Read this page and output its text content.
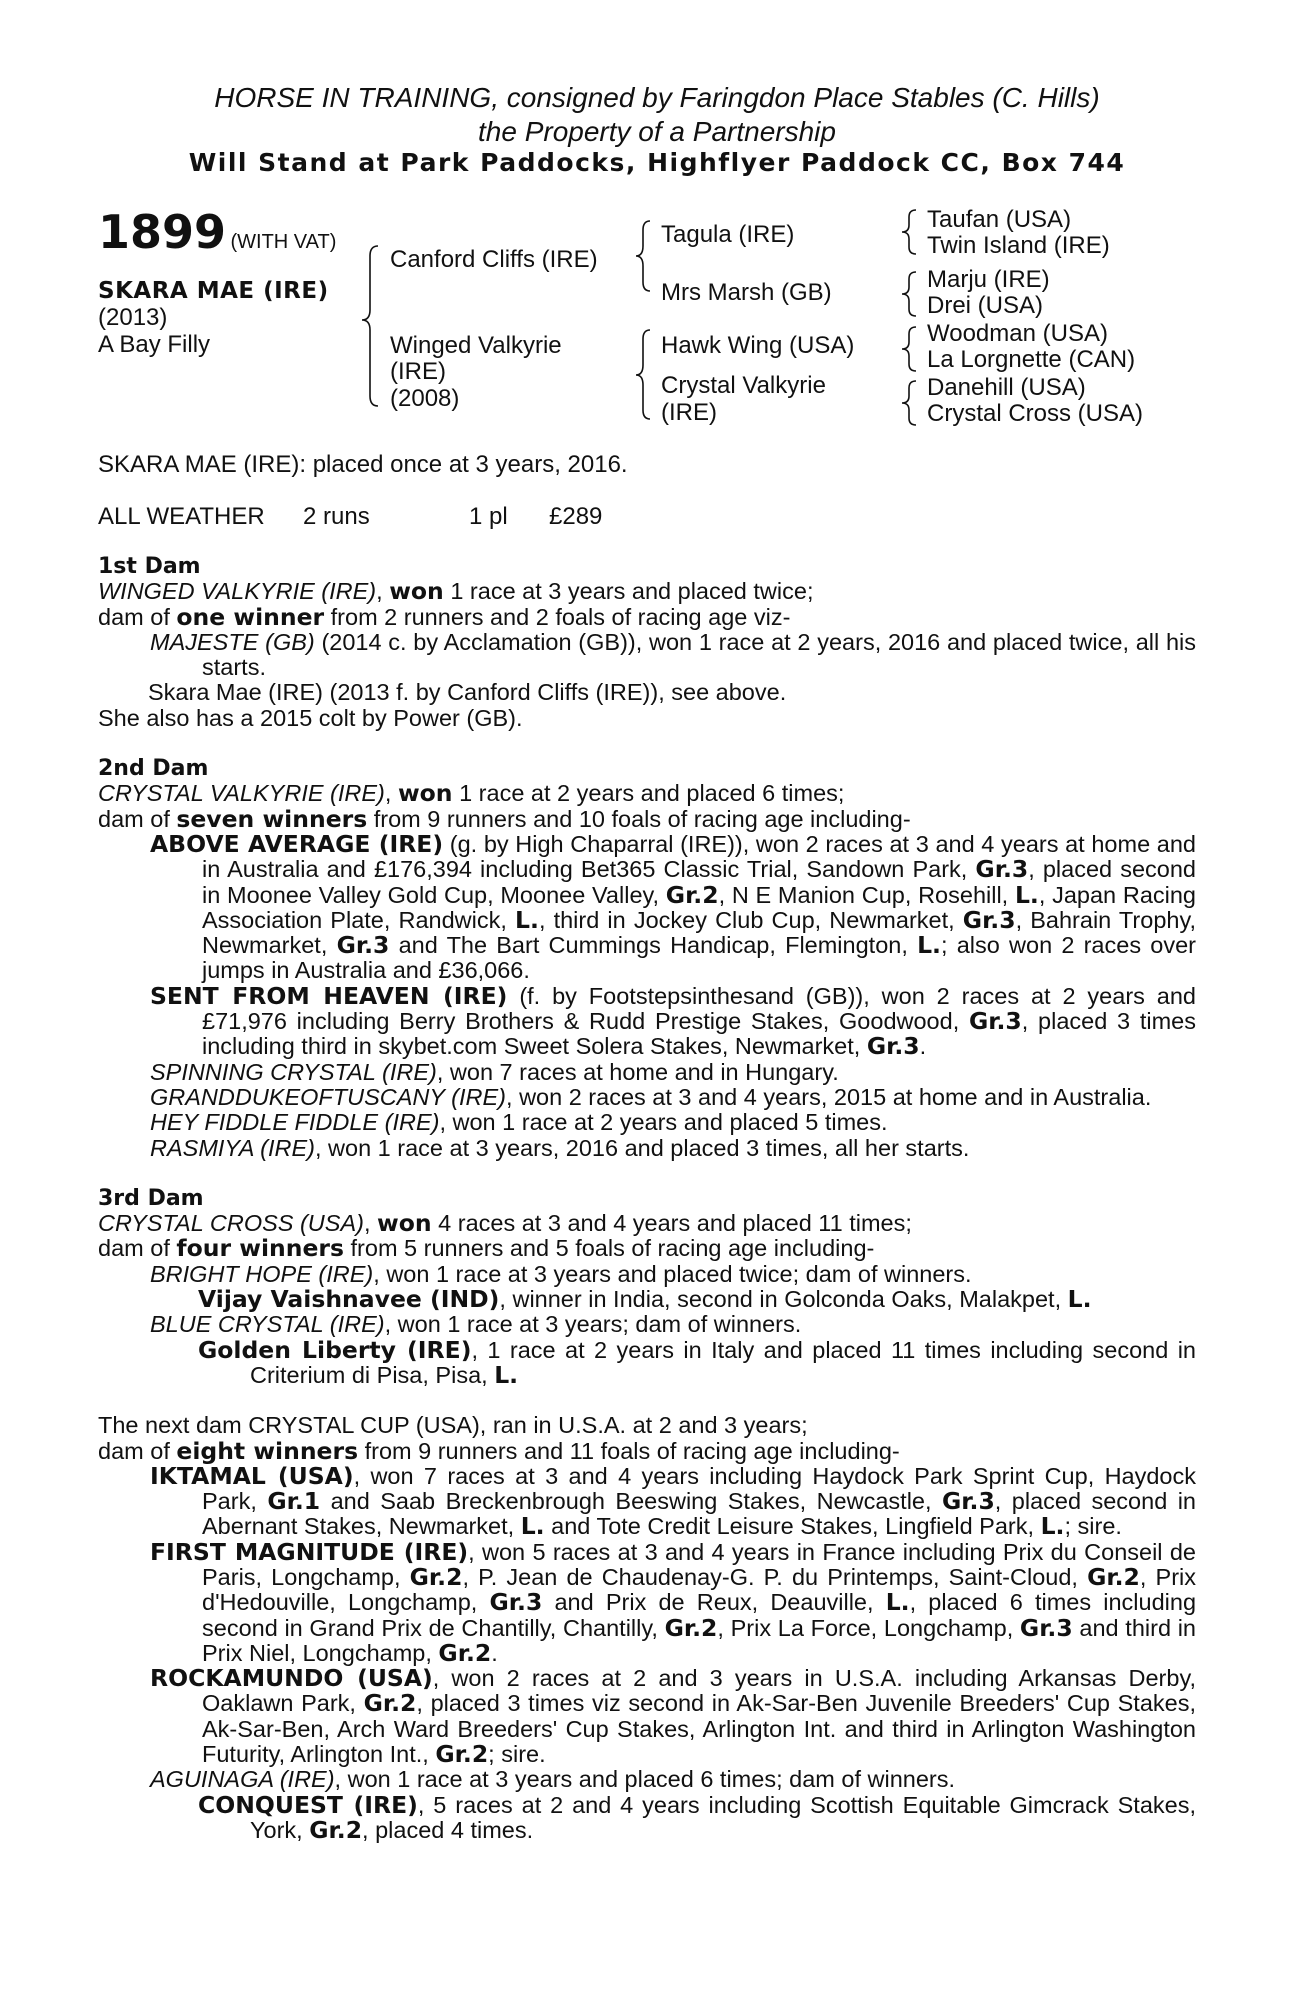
HORSE IN TRAINING, consigned by Faringdon Place Stables (C. Hills)
the Property of a Partnership
Will Stand at Park Paddocks, Highflyer Paddock CC, Box 744
1899 (WITH VAT)
SKARA MAE (IRE)
(2013)
A Bay Filly
Canford Cliffs (IRE)
Winged Valkyrie
(IRE)
(2008)
Tagula (IRE)
Mrs Marsh (GB)
Hawk Wing (USA)
Crystal Valkyrie
(IRE)
Taufan (USA)
Twin Island (IRE)
Marju (IRE)
Drei (USA)
Woodman (USA)
La Lorgnette (CAN)
Danehill (USA)
Crystal Cross (USA)
SKARA MAE (IRE): placed once at 3 years, 2016.
ALL WEATHER 2 runs	1 pl £289

1st Dam

WINGED VALKYRIE (IRE), won 1 race at 3 years and placed twice;

dam of one winner from 2 runners and 2 foals of racing age viz-

MAJESTE (GB) (2014 c. by Acclamation (GB)), won 1 race at 2 years, 2016 and placed twice, all his starts.

Skara Mae (IRE) (2013 f. by Canford Cliffs (IRE)), see above.

She also has a 2015 colt by Power (GB).

2nd Dam

CRYSTAL VALKYRIE (IRE), won 1 race at 2 years and placed 6 times;

dam of seven winners from 9 runners and 10 foals of racing age including-

ABOVE AVERAGE (IRE) (g. by High Chaparral (IRE)), won 2 races at 3 and 4 years at home and in Australia and £176,394 including Bet365 Classic Trial, Sandown Park, Gr.3, placed second in Moonee Valley Gold Cup, Moonee Valley, Gr.2, N E Manion Cup, Rosehill, L., Japan Racing Association Plate, Randwick, L., third in Jockey Club Cup, Newmarket, Gr.3, Bahrain Trophy, Newmarket, Gr.3 and The Bart Cummings Handicap, Flemington, L.; also won 2 races over jumps in Australia and £36,066.

SENT FROM HEAVEN (IRE) (f. by Footstepsinthesand (GB)), won 2 races at 2 years and £71,976 including Berry Brothers & Rudd Prestige Stakes, Goodwood, Gr.3, placed 3 times including third in skybet.com Sweet Solera Stakes, Newmarket, Gr.3.

SPINNING CRYSTAL (IRE), won 7 races at home and in Hungary.

GRANDDUKEOFTUSCANY (IRE), won 2 races at 3 and 4 years, 2015 at home and in Australia.

HEY FIDDLE FIDDLE (IRE), won 1 race at 2 years and placed 5 times.

RASMIYA (IRE), won 1 race at 3 years, 2016 and placed 3 times, all her starts.

3rd Dam

CRYSTAL CROSS (USA), won 4 races at 3 and 4 years and placed 11 times;

dam of four winners from 5 runners and 5 foals of racing age including-

BRIGHT HOPE (IRE), won 1 race at 3 years and placed twice; dam of winners.

Vijay Vaishnavee (IND), winner in India, second in Golconda Oaks, Malakpet, L.

BLUE CRYSTAL (IRE), won 1 race at 3 years; dam of winners.

Golden Liberty (IRE), 1 race at 2 years in Italy and placed 11 times including second in Criterium di Pisa, Pisa, L.

The next dam CRYSTAL CUP (USA), ran in U.S.A. at 2 and 3 years;

dam of eight winners from 9 runners and 11 foals of racing age including-

IKTAMAL (USA), won 7 races at 3 and 4 years including Haydock Park Sprint Cup, Haydock Park, Gr.1 and Saab Breckenbrough Beeswing Stakes, Newcastle, Gr.3, placed second in Abernant Stakes, Newmarket, L. and Tote Credit Leisure Stakes, Lingfield Park, L.; sire.

FIRST MAGNITUDE (IRE), won 5 races at 3 and 4 years in France including Prix du Conseil de Paris, Longchamp, Gr.2, P. Jean de Chaudenay-G. P. du Printemps, Saint-Cloud, Gr.2, Prix d'Hedouville, Longchamp, Gr.3 and Prix de Reux, Deauville, L., placed 6 times including second in Grand Prix de Chantilly, Chantilly, Gr.2, Prix La Force, Longchamp, Gr.3 and third in Prix Niel, Longchamp, Gr.2.

ROCKAMUNDO (USA), won 2 races at 2 and 3 years in U.S.A. including Arkansas Derby, Oaklawn Park, Gr.2, placed 3 times viz second in Ak-Sar-Ben Juvenile Breeders' Cup Stakes, Ak-Sar-Ben, Arch Ward Breeders' Cup Stakes, Arlington Int. and third in Arlington Washington Futurity, Arlington Int., Gr.2; sire.

AGUINAGA (IRE), won 1 race at 3 years and placed 6 times; dam of winners.

CONQUEST (IRE), 5 races at 2 and 4 years including Scottish Equitable Gimcrack Stakes, York, Gr.2, placed 4 times.
